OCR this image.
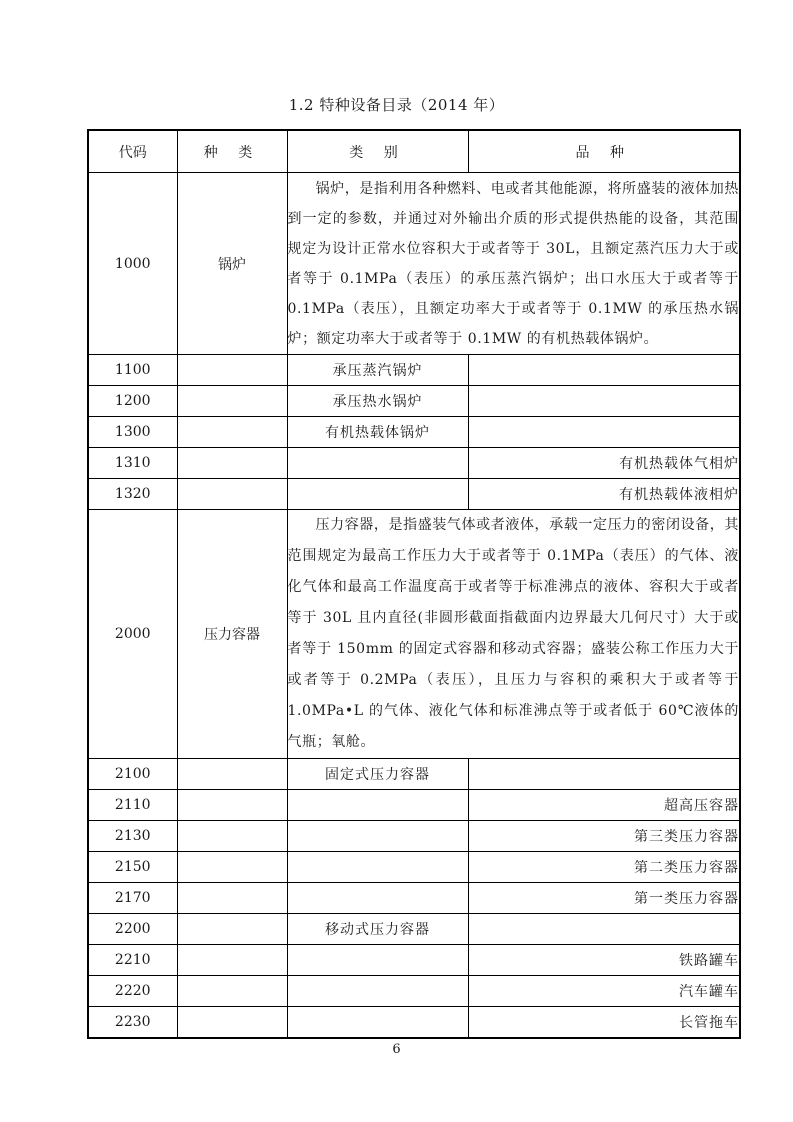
1.2 特种设备目录（2014 年）
代码	种 类	类 别	品 种
1000	锅炉	锅炉，是指利用各种燃料、电或者其他能源，将所盛装的液体加热到一定的参数，并通过对外输出介质的形式提供热能的设备，其范围规定为设计正常水位容积大于或者等于 30L，且额定蒸汽压力大于或者等于 0.1MPa（表压）的承压蒸汽锅炉；出口水压大于或者等于 0.1MPa（表压），且额定功率大于或者等于 0.1MW 的承压热水锅炉；额定功率大于或者等于 0.1MW 的有机热载体锅炉。	
1100		承压蒸汽锅炉	
1200		承压热水锅炉	
1300		有机热载体锅炉	
1310			有机热载体气相炉
1320			有机热载体液相炉
2000	压力容器	压力容器，是指盛装气体或者液体，承载一定压力的密闭设备，其范围规定为最高工作压力大于或者等于 0.1MPa（表压）的气体、液化气体和最高工作温度高于或者等于标准沸点的液体、容积大于或者等于 30L 且内直径(非圆形截面指截面内边界最大几何尺寸）大于或者等于 150mm 的固定式容器和移动式容器；盛装公称工作压力大于或者等于 0.2MPa（表压），且压力与容积的乘积大于或者等于 1.0MPa•L 的气体、液化气体和标准沸点等于或者低于 60℃液体的气瓶；氧舱。	
2100		固定式压力容器	
2110			超高压容器
2130			第三类压力容器
2150			第二类压力容器
2170			第一类压力容器
2200		移动式压力容器	
2210			铁路罐车
2220			汽车罐车
2230			长管拖车
6
